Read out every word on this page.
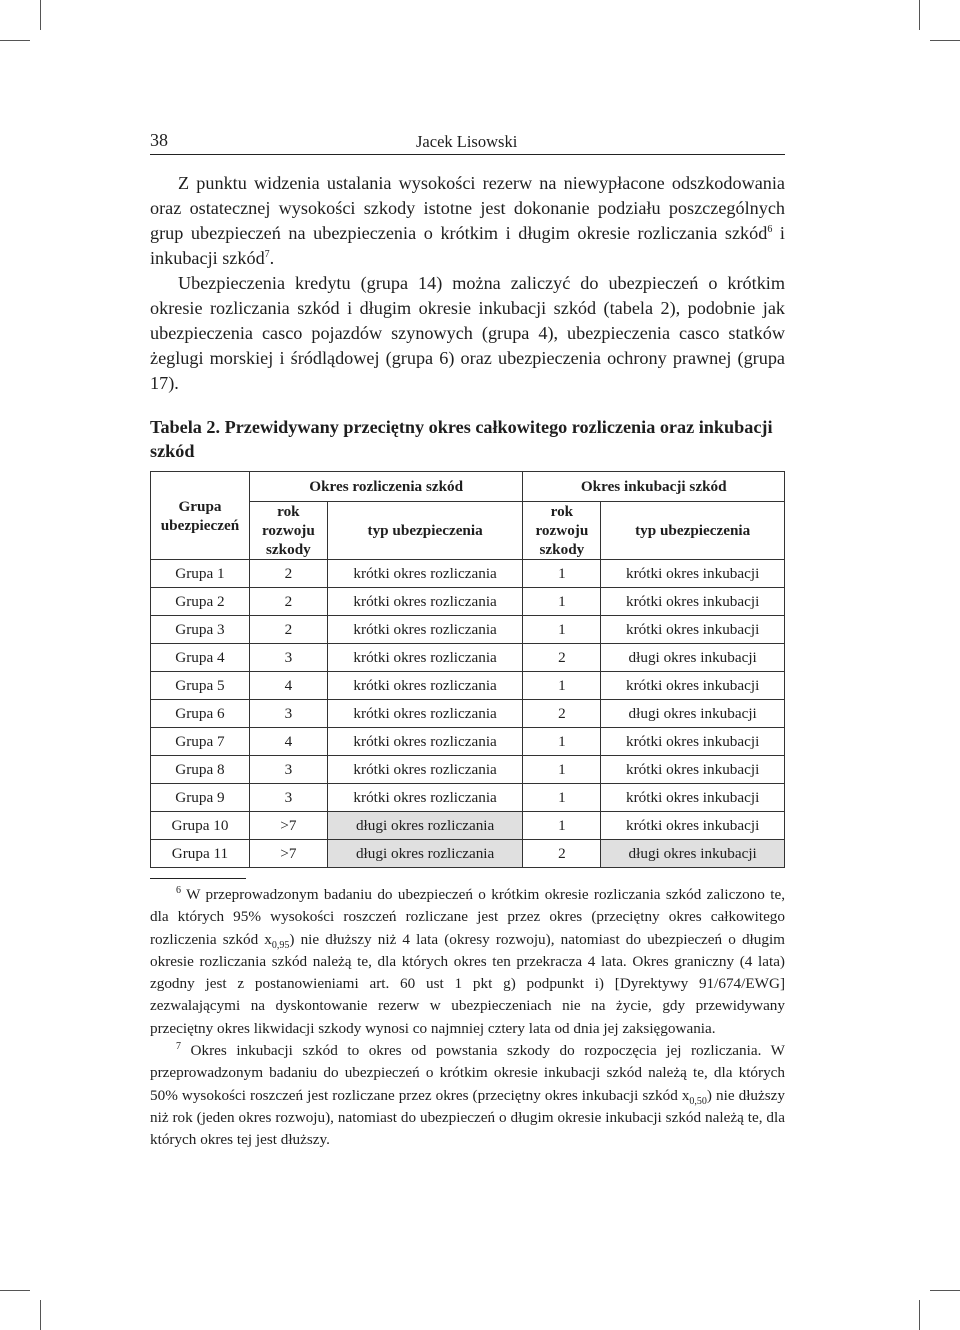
38	Jacek Lisowski

Z punktu widzenia ustalania wysokości rezerw na niewypłacone odszkodowania oraz ostatecznej wysokości szkody istotne jest dokonanie podziału poszczególnych grup ubezpieczeń na ubezpieczenia o krótkim i długim okresie rozliczania szkód$^6$ i inkubacji szkód$^7$.

Ubezpieczenia kredytu (grupa 14) można zaliczyć do ubezpieczeń o krótkim okresie rozliczania szkód i długim okresie inkubacji szkód (tabela 2), podobnie jak ubezpieczenia casco pojazdów szynowych (grupa 4), ubezpieczenia casco statków żeglugi morskiej i śródlądowej (grupa 6) oraz ubezpieczenia ochrony prawnej (grupa 17).

Tabela 2. Przewidywany przeciętny okres całkowitego rozliczenia oraz inkubacji szkód
Grupa ubezpieczeń	Okres rozliczenia szkód		Okres inkubacji szkód	
	rok rozwoju szkody	typ ubezpieczenia	rok rozwoju szkody	typ ubezpieczenia
Grupa 1	2	krótki okres rozliczania	1	krótki okres inkubacji
Grupa 2	2	krótki okres rozliczania	1	krótki okres inkubacji
Grupa 3	2	krótki okres rozliczania	1	krótki okres inkubacji
Grupa 4	3	krótki okres rozliczania	2	długi okres inkubacji
Grupa 5	4	krótki okres rozliczania	1	krótki okres inkubacji
Grupa 6	3	krótki okres rozliczania	2	długi okres inkubacji
Grupa 7	4	krótki okres rozliczania	1	krótki okres inkubacji
Grupa 8	3	krótki okres rozliczania	1	krótki okres inkubacji
Grupa 9	3	krótki okres rozliczania	1	krótki okres inkubacji
Grupa 10	>7	długi okres rozliczania	1	krótki okres inkubacji
Grupa 11	>7	długi okres rozliczania	2	długi okres inkubacji

$^6$ W przeprowadzonym badaniu do ubezpieczeń o krótkim okresie rozliczania szkód zaliczono te, dla których 95% wysokości roszczeń rozliczane jest przez okres (przeciętny okres całkowitego rozliczenia szkód $x_{0,95}$) nie dłuższy niż 4 lata (okresy rozwoju), natomiast do ubezpieczeń o długim okresie rozliczania szkód należą te, dla których okres ten przekracza 4 lata. Okres graniczny (4 lata) zgodny jest z postanowieniami art. 60 ust 1 pkt g) podpunkt i) [Dyrektywy 91/674/EWG] zezwalającymi na dyskontowanie rezerw w ubezpieczeniach nie na życie, gdy przewidywany przeciętny okres likwidacji szkody wynosi co najmniej cztery lata od dnia jej zaksięgowania.

$^7$ Okres inkubacji szkód to okres od powstania szkody do rozpoczęcia jej rozliczania. W przeprowadzonym badaniu do ubezpieczeń o krótkim okresie inkubacji szkód należą te, dla których 50% wysokości roszczeń jest rozliczane przez okres (przeciętny okres inkubacji szkód $x_{0,50}$) nie dłuższy niż rok (jeden okres rozwoju), natomiast do ubezpieczeń o długim okresie inkubacji szkód należą te, dla których okres tej jest dłuższy.
